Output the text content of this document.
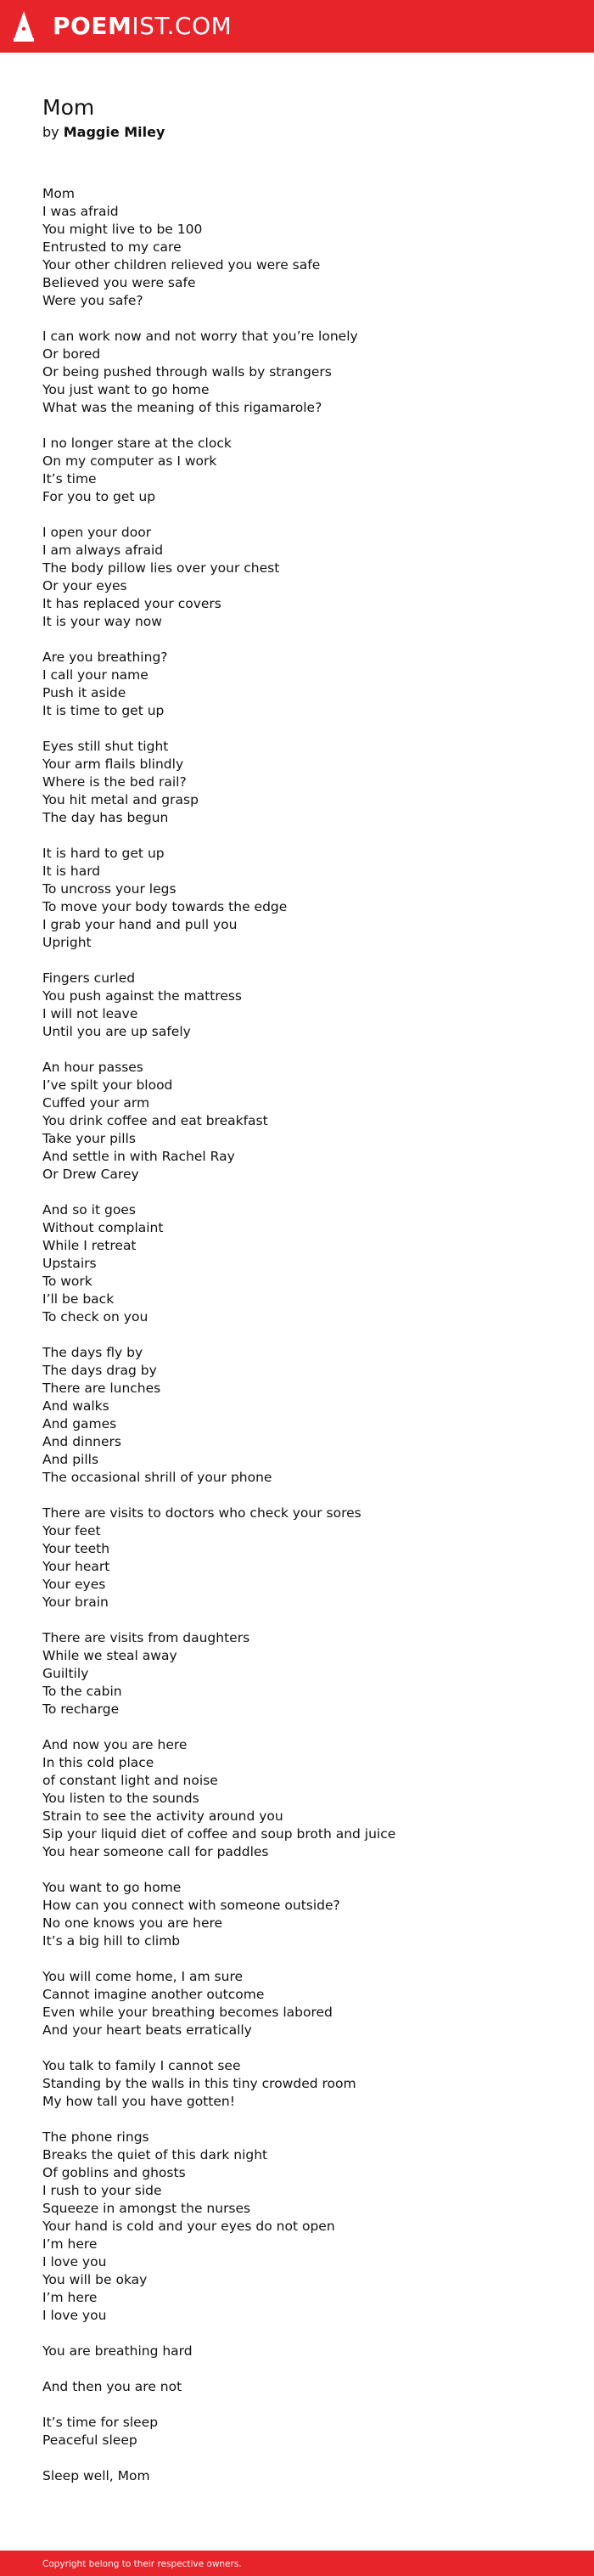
POEMIST.COM
Mom
by Maggie Miley
Mom
I was afraid
You might live to be 100
Entrusted to my care
Your other children relieved you were safe
Believed you were safe
Were you safe?
I can work now and not worry that you’re lonely
Or bored
Or being pushed through walls by strangers
You just want to go home
What was the meaning of this rigamarole?
I no longer stare at the clock
On my computer as I work
It’s time
For you to get up
I open your door
I am always afraid
The body pillow lies over your chest
Or your eyes
It has replaced your covers
It is your way now
Are you breathing?
I call your name
Push it aside
It is time to get up
Eyes still shut tight
Your arm flails blindly
Where is the bed rail?
You hit metal and grasp
The day has begun
It is hard to get up
It is hard
To uncross your legs
To move your body towards the edge
I grab your hand and pull you
Upright
Fingers curled
You push against the mattress
I will not leave
Until you are up safely
An hour passes
I’ve spilt your blood
Cuffed your arm
You drink coffee and eat breakfast
Take your pills
And settle in with Rachel Ray
Or Drew Carey
And so it goes
Without complaint
While I retreat
Upstairs
To work
I’ll be back
To check on you
The days fly by
The days drag by
There are lunches
And walks
And games
And dinners
And pills
The occasional shrill of your phone
There are visits to doctors who check your sores
Your feet
Your teeth
Your heart
Your eyes
Your brain
There are visits from daughters
While we steal away
Guiltily
To the cabin
To recharge
And now you are here
In this cold place
of constant light and noise
You listen to the sounds
Strain to see the activity around you
Sip your liquid diet of coffee and soup broth and juice
You hear someone call for paddles
You want to go home
How can you connect with someone outside?
No one knows you are here
It’s a big hill to climb
You will come home, I am sure
Cannot imagine another outcome
Even while your breathing becomes labored
And your heart beats erratically
You talk to family I cannot see
Standing by the walls in this tiny crowded room
My how tall you have gotten!
The phone rings
Breaks the quiet of this dark night
Of goblins and ghosts
I rush to your side
Squeeze in amongst the nurses
Your hand is cold and your eyes do not open
I’m here
I love you
You will be okay
I’m here
I love you
You are breathing hard
And then you are not
It’s time for sleep
Peaceful sleep
Sleep well, Mom
Copyright belong to their respective owners.
